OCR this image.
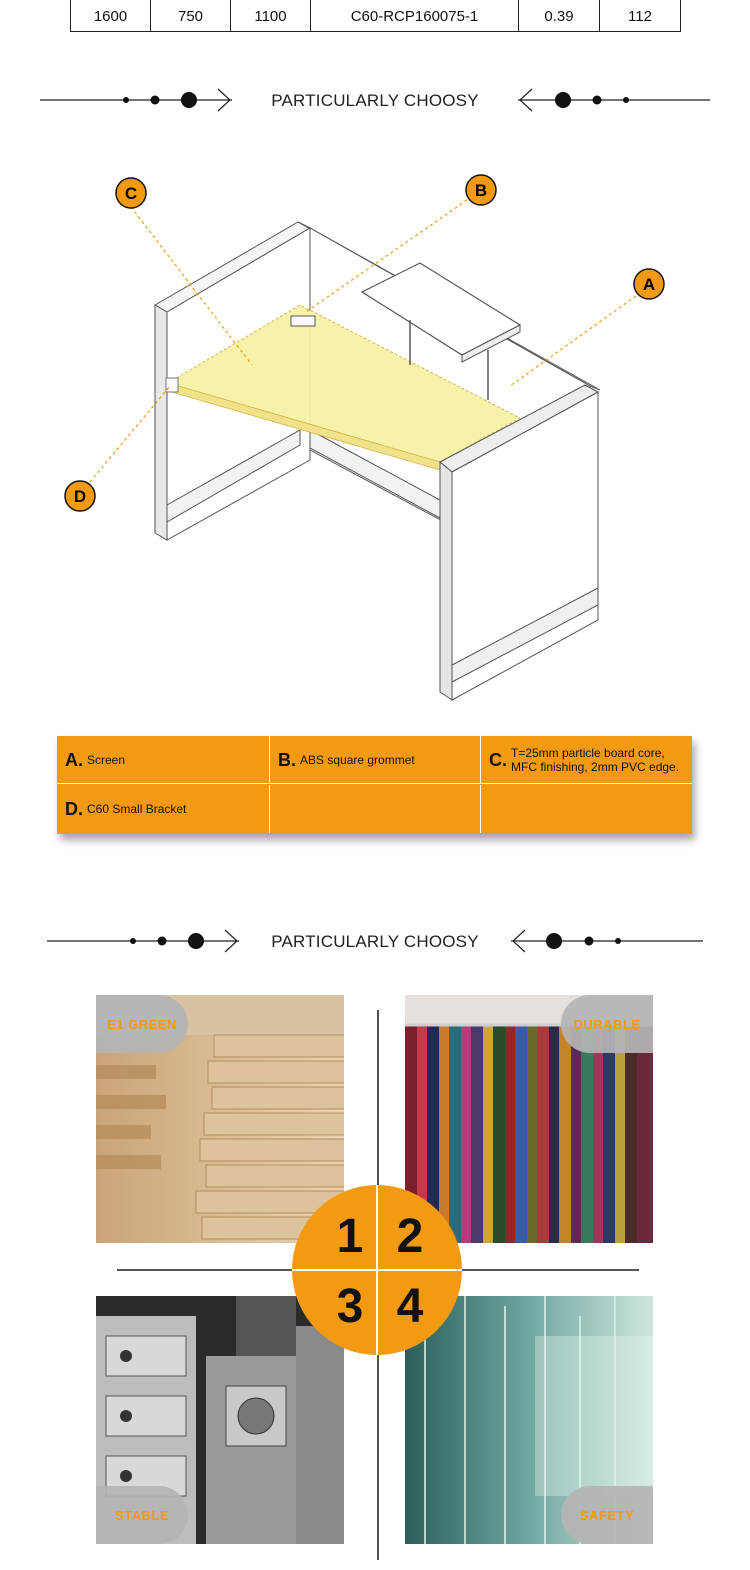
1600	750	1100	C60-RCP160075-1	0.39	112
PARTICULARLY CHOOSY
C	B
A
D
A. Screen	B. ABS square grommet	C. T=25mm particle board core,
MFC finishing, 2mm PVC edge.
D. C60 Small Bracket
PARTICULARLY CHOOSY
E1 GREEN	DURABLE
STABLE	SAFETY
1 2
3 4
